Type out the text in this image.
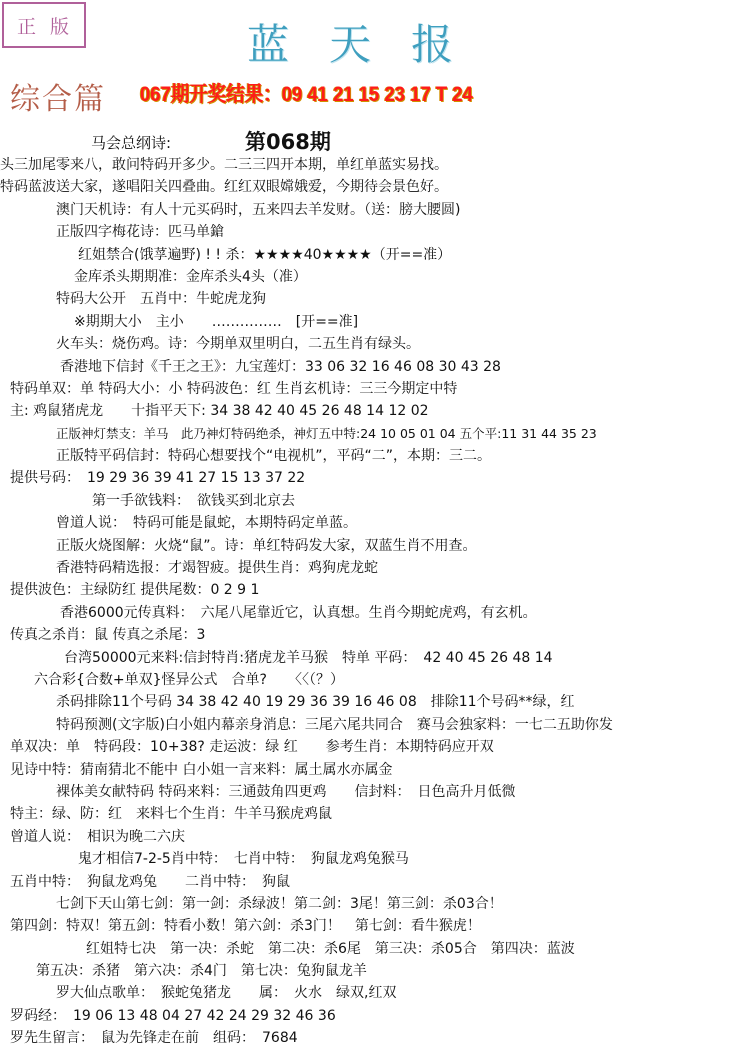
正版	蓝天报
综合篇 067期开奖结果：09 41 21 15 23 17 T 24
马会总纲诗:	第068期
头三加尾零来八，敢问特码开多少。二三三四开本期，单红单蓝实易找。
特码蓝波送大家，遂唱阳关四叠曲。红红双眼嫦娥爱，今期待会景色好。
澳门天机诗：有人十元买码时，五来四去羊发财。（送：膀大腰圆)
正版四字梅花诗：匹马单鎗
红姐禁合(饿莩遍野) ! ! 杀：★★★★40★★★★（开==准）
金库杀头期期准：金库杀头4头（准）
特码大公开　五肖中：牛蛇虎龙狗
※期期大小　主小　　……………　[开==准]
火车头：烧伤鸡。诗：今期单双里明白，二五生肖有绿头。
香港地下信封《千王之王》：九宝莲灯：33 06 32 16 46 08 30 43 28
特码单双：单 特码大小：小 特码波色：红 生肖玄机诗：三三今期定中特
主: 鸡鼠猪虎龙　　十指平天下: 34 38 42 40 45 26 48 14 12 02
正版神灯禁支：羊马　此乃神灯特码绝杀，神灯五中特:24 10 05 01 04 五个平:11 31 44 35 23
正版特平码信封：特码心想要找个“电视机”，平码“二”，本期：三二。
提供号码：　19 29 36 39 41 27 15 13 37 22
第一手欲钱料：　欲钱买到北京去
曾道人说：　特码可能是鼠蛇，本期特码定单蓝。
正版火烧图解：火烧“鼠”。诗：单红特码发大家，双蓝生肖不用查。
香港特码精选报：才竭智疲。提供生肖：鸡狗虎龙蛇
提供波色：主绿防红 提供尾数：0 2 9 1
香港6000元传真料：　六尾八尾靠近它，认真想。生肖今期蛇虎鸡，有玄机。
传真之杀肖：鼠 传真之杀尾：3
台湾50000元来料:信封特肖:猪虎龙羊马猴　特单 平码：　42 40 45 26 48 14
六合彩{合数+单双}怪异公式　合单?　　〈〈（？）
杀码排除11个号码 34 38 42 40 19 29 36 39 16 46 08　排除11个号码**绿，红
特码预测(文字版)白小姐内幕亲身消息：三尾六尾共同合　赛马会独家料：一七二五助你发
单双决：单　特码段：10+38? 走运波：绿 红　　参考生肖：本期特码应开双
见诗中特：猜南猜北不能中 白小姐一言来料：属土属水亦属金
裸体美女献特码 特码来料：三通鼓角四更鸡　　信封料：　日色高升月低微
特主：绿、防：红　来料七个生肖：牛羊马猴虎鸡鼠
曾道人说：　相识为晚二六庆
鬼才相信7-2-5肖中特：　七肖中特：　狗鼠龙鸡兔猴马
五肖中特：　狗鼠龙鸡兔　　二肖中特：　狗鼠
七剑下天山第七剑：第一剑：杀绿波！第二剑：3尾！第三剑：杀03合！
第四剑：特双！第五剑：特看小数！第六剑：杀3门！　第七剑：看牛猴虎！
红姐特七决　第一决：杀蛇　第二决：杀6尾　第三决：杀05合　第四决：蓝波
第五决：杀猪　第六决：杀4门　第七决：兔狗鼠龙羊
罗大仙点歌单：　猴蛇兔猪龙　　属：　火水　绿双,红双
罗码经：　19 06 13 48 04 27 42 24 29 32 46 36
罗先生留言：　鼠为先锋走在前　组码：　7684
